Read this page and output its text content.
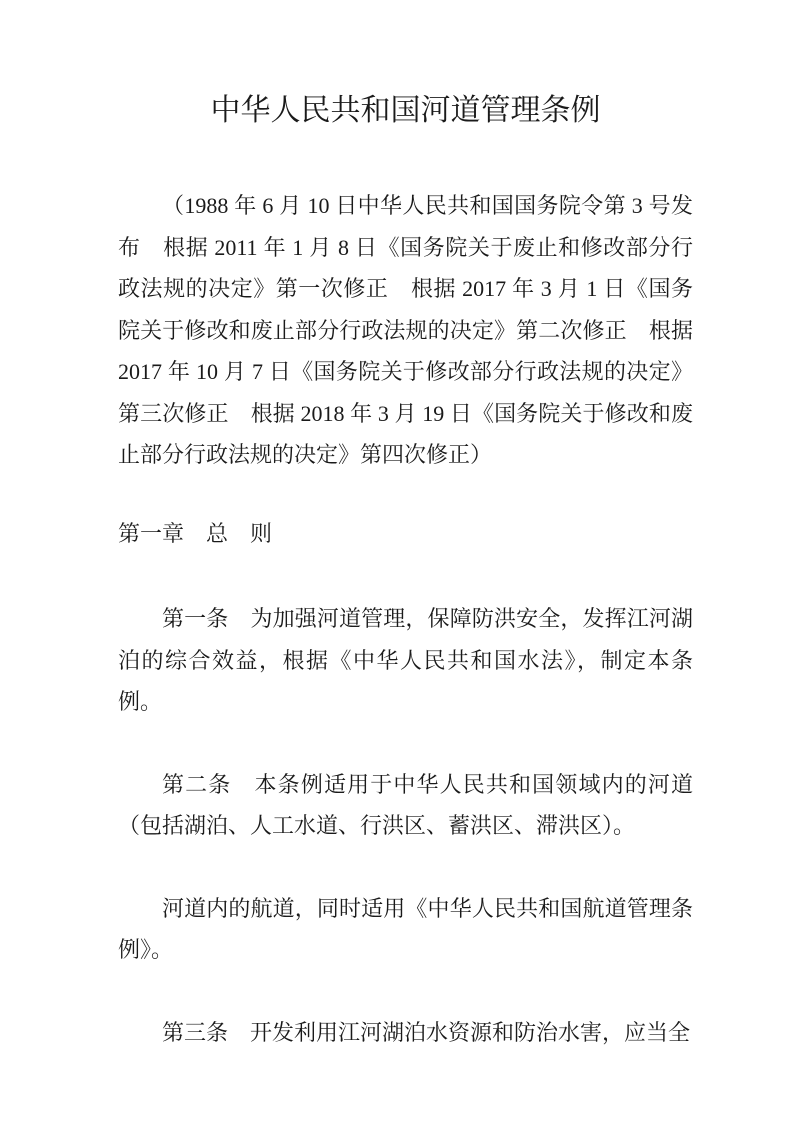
中华人民共和国河道管理条例

（1988 年 6 月 10 日中华人民共和国国务院令第 3 号发布　根据 2011 年 1 月 8 日《国务院关于废止和修改部分行政法规的决定》第一次修正　根据 2017 年 3 月 1 日《国务院关于修改和废止部分行政法规的决定》第二次修正　根据 2017 年 10 月 7 日《国务院关于修改部分行政法规的决定》第三次修正　根据 2018 年 3 月 19 日《国务院关于修改和废止部分行政法规的决定》第四次修正）

第一章　总　则

第一条　为加强河道管理，保障防洪安全，发挥江河湖泊的综合效益，根据《中华人民共和国水法》，制定本条例。

第二条　本条例适用于中华人民共和国领域内的河道（包括湖泊、人工水道、行洪区、蓄洪区、滞洪区）。

河道内的航道，同时适用《中华人民共和国航道管理条例》。

第三条　开发利用江河湖泊水资源和防治水害，应当全
